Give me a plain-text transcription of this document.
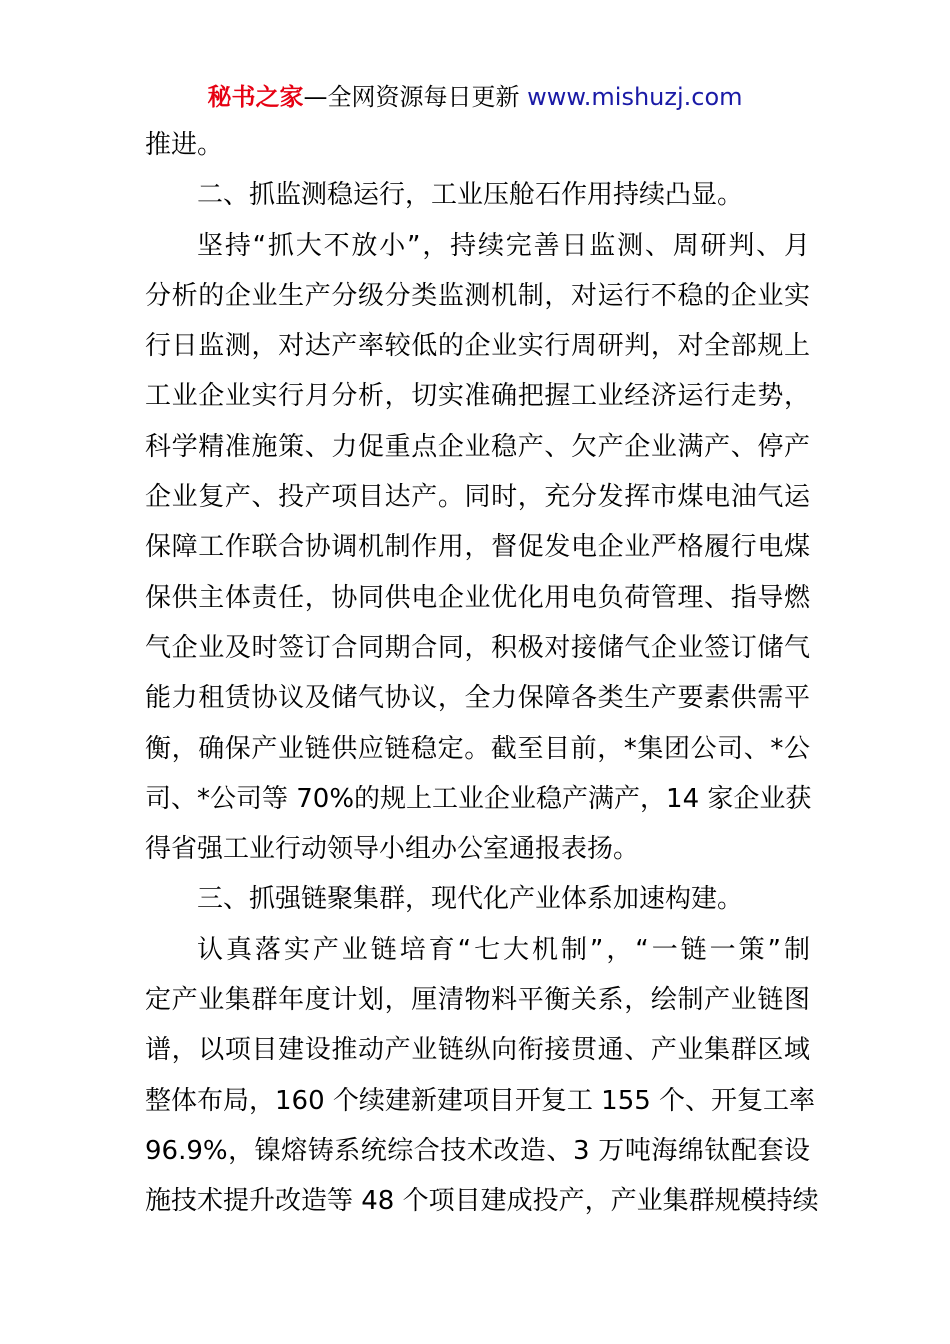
秘书之家—全网资源每日更新 www.mishuzj.com
推进。
二、抓监测稳运行，工业压舱石作用持续凸显。
坚持“抓大不放小”，持续完善日监测、周研判、月
分析的企业生产分级分类监测机制，对运行不稳的企业实
行日监测，对达产率较低的企业实行周研判，对全部规上
工业企业实行月分析，切实准确把握工业经济运行走势，
科学精准施策、力促重点企业稳产、欠产企业满产、停产
企业复产、投产项目达产。同时，充分发挥市煤电油气运
保障工作联合协调机制作用，督促发电企业严格履行电煤
保供主体责任，协同供电企业优化用电负荷管理、指导燃
气企业及时签订合同期合同，积极对接储气企业签订储气
能力租赁协议及储气协议，全力保障各类生产要素供需平
衡，确保产业链供应链稳定。截至目前，*集团公司、*公
司、*公司等 70%的规上工业企业稳产满产，14 家企业获
得省强工业行动领导小组办公室通报表扬。
三、抓强链聚集群，现代化产业体系加速构建。
认真落实产业链培育“七大机制”，“一链一策”制
定产业集群年度计划，厘清物料平衡关系，绘制产业链图
谱，以项目建设推动产业链纵向衔接贯通、产业集群区域
整体布局，160 个续建新建项目开复工 155 个、开复工率
96.9%，镍熔铸系统综合技术改造、3 万吨海绵钛配套设
施技术提升改造等 48 个项目建成投产，产业集群规模持续
